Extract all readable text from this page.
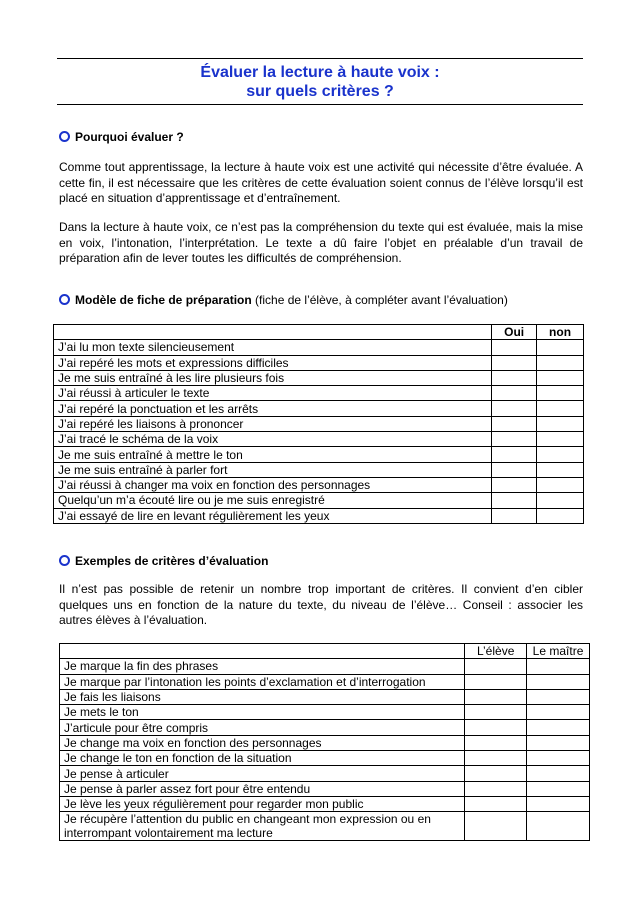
Évaluer la lecture à haute voix :
sur quels critères ?
Pourquoi évaluer ?

Comme tout apprentissage, la lecture à haute voix est une activité qui nécessite d’être évaluée. A cette fin, il est nécessaire que les critères de cette évaluation soient connus de l’élève lorsqu’il est placé en situation d’apprentissage et d’entraînement.

Dans la lecture à haute voix, ce n’est pas la compréhension du texte qui est évaluée, mais la mise en voix, l’intonation, l’interprétation. Le texte a dû faire l’objet en préalable d’un travail de préparation afin de lever toutes les difficultés de compréhension.

Modèle de fiche de préparation (fiche de l’élève, à compléter avant l’évaluation)
	Oui	non
J’ai lu mon texte silencieusement		
J’ai repéré les mots et expressions difficiles		
Je me suis entraîné à les lire plusieurs fois		
J’ai réussi à articuler le texte		
J’ai repéré la ponctuation et les arrêts		
J’ai repéré les liaisons à prononcer		
J’ai tracé le schéma de la voix		
Je me suis entraîné à mettre le ton		
Je me suis entraîné à parler fort		
J’ai réussi à changer ma voix en fonction des personnages		
Quelqu’un m’a écouté lire ou je me suis enregistré		
J’ai essayé de lire en levant régulièrement les yeux		
Exemples de critères d’évaluation

Il n’est pas possible de retenir un nombre trop important de critères. Il convient d’en cibler quelques uns en fonction de la nature du texte, du niveau de l’élève… Conseil : associer les autres élèves à l’évaluation.

	L’élève	Le maître
Je marque la fin des phrases		
Je marque par l’intonation les points d’exclamation et d’interrogation		
Je fais les liaisons		
Je mets le ton		
J’articule pour être compris		
Je change ma voix en fonction des personnages		
Je change le ton en fonction de la situation		
Je pense à articuler		
Je pense à parler assez fort pour être entendu		
Je lève les yeux régulièrement pour regarder mon public		
Je récupère l’attention du public en changeant mon expression ou en interrompant volontairement ma lecture		
